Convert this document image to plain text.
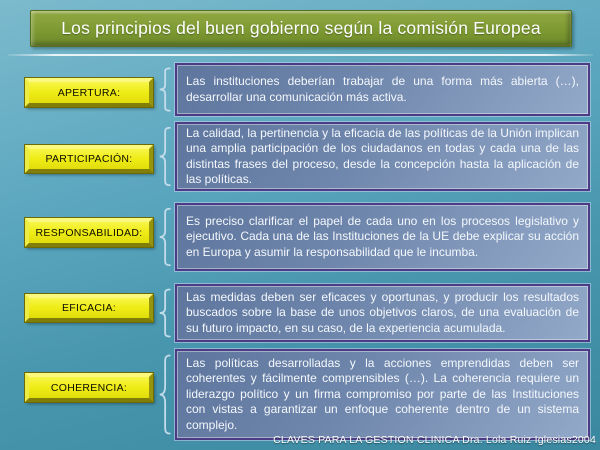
Los principios del buen gobierno según la comisión Europea
APERTURA:

Las instituciones deberían trabajar de una forma más abierta (…), desarrollar una comunicación más activa.

PARTICIPACIÓN:

La calidad, la pertinencia y la eficacia de las políticas de la Unión implican una amplia participación de los ciudadanos en todas y cada una de las distintas frases del proceso, desde la concepción hasta la aplicación de las políticas.

RESPONSABILIDAD:

Es preciso clarificar el papel de cada uno en los procesos legislativo y ejecutivo. Cada una de las Instituciones de la UE debe explicar su acción en Europa y asumir la responsabilidad que le incumba.

EFICACIA:

Las medidas deben ser eficaces y oportunas, y producir los resultados buscados sobre la base de unos objetivos claros, de una evaluación de su futuro impacto, en su caso, de la experiencia acumulada.

COHERENCIA:

Las políticas desarrolladas y la acciones emprendidas deben ser coherentes y fácilmente comprensibles (…). La coherencia requiere un liderazgo político y un firma compromiso por parte de las Instituciones con vistas a garantizar un enfoque coherente dentro de un sistema complejo.

CLAVES PARA LA GESTION CLINICA Dra. Lola Ruiz Iglesias2004
